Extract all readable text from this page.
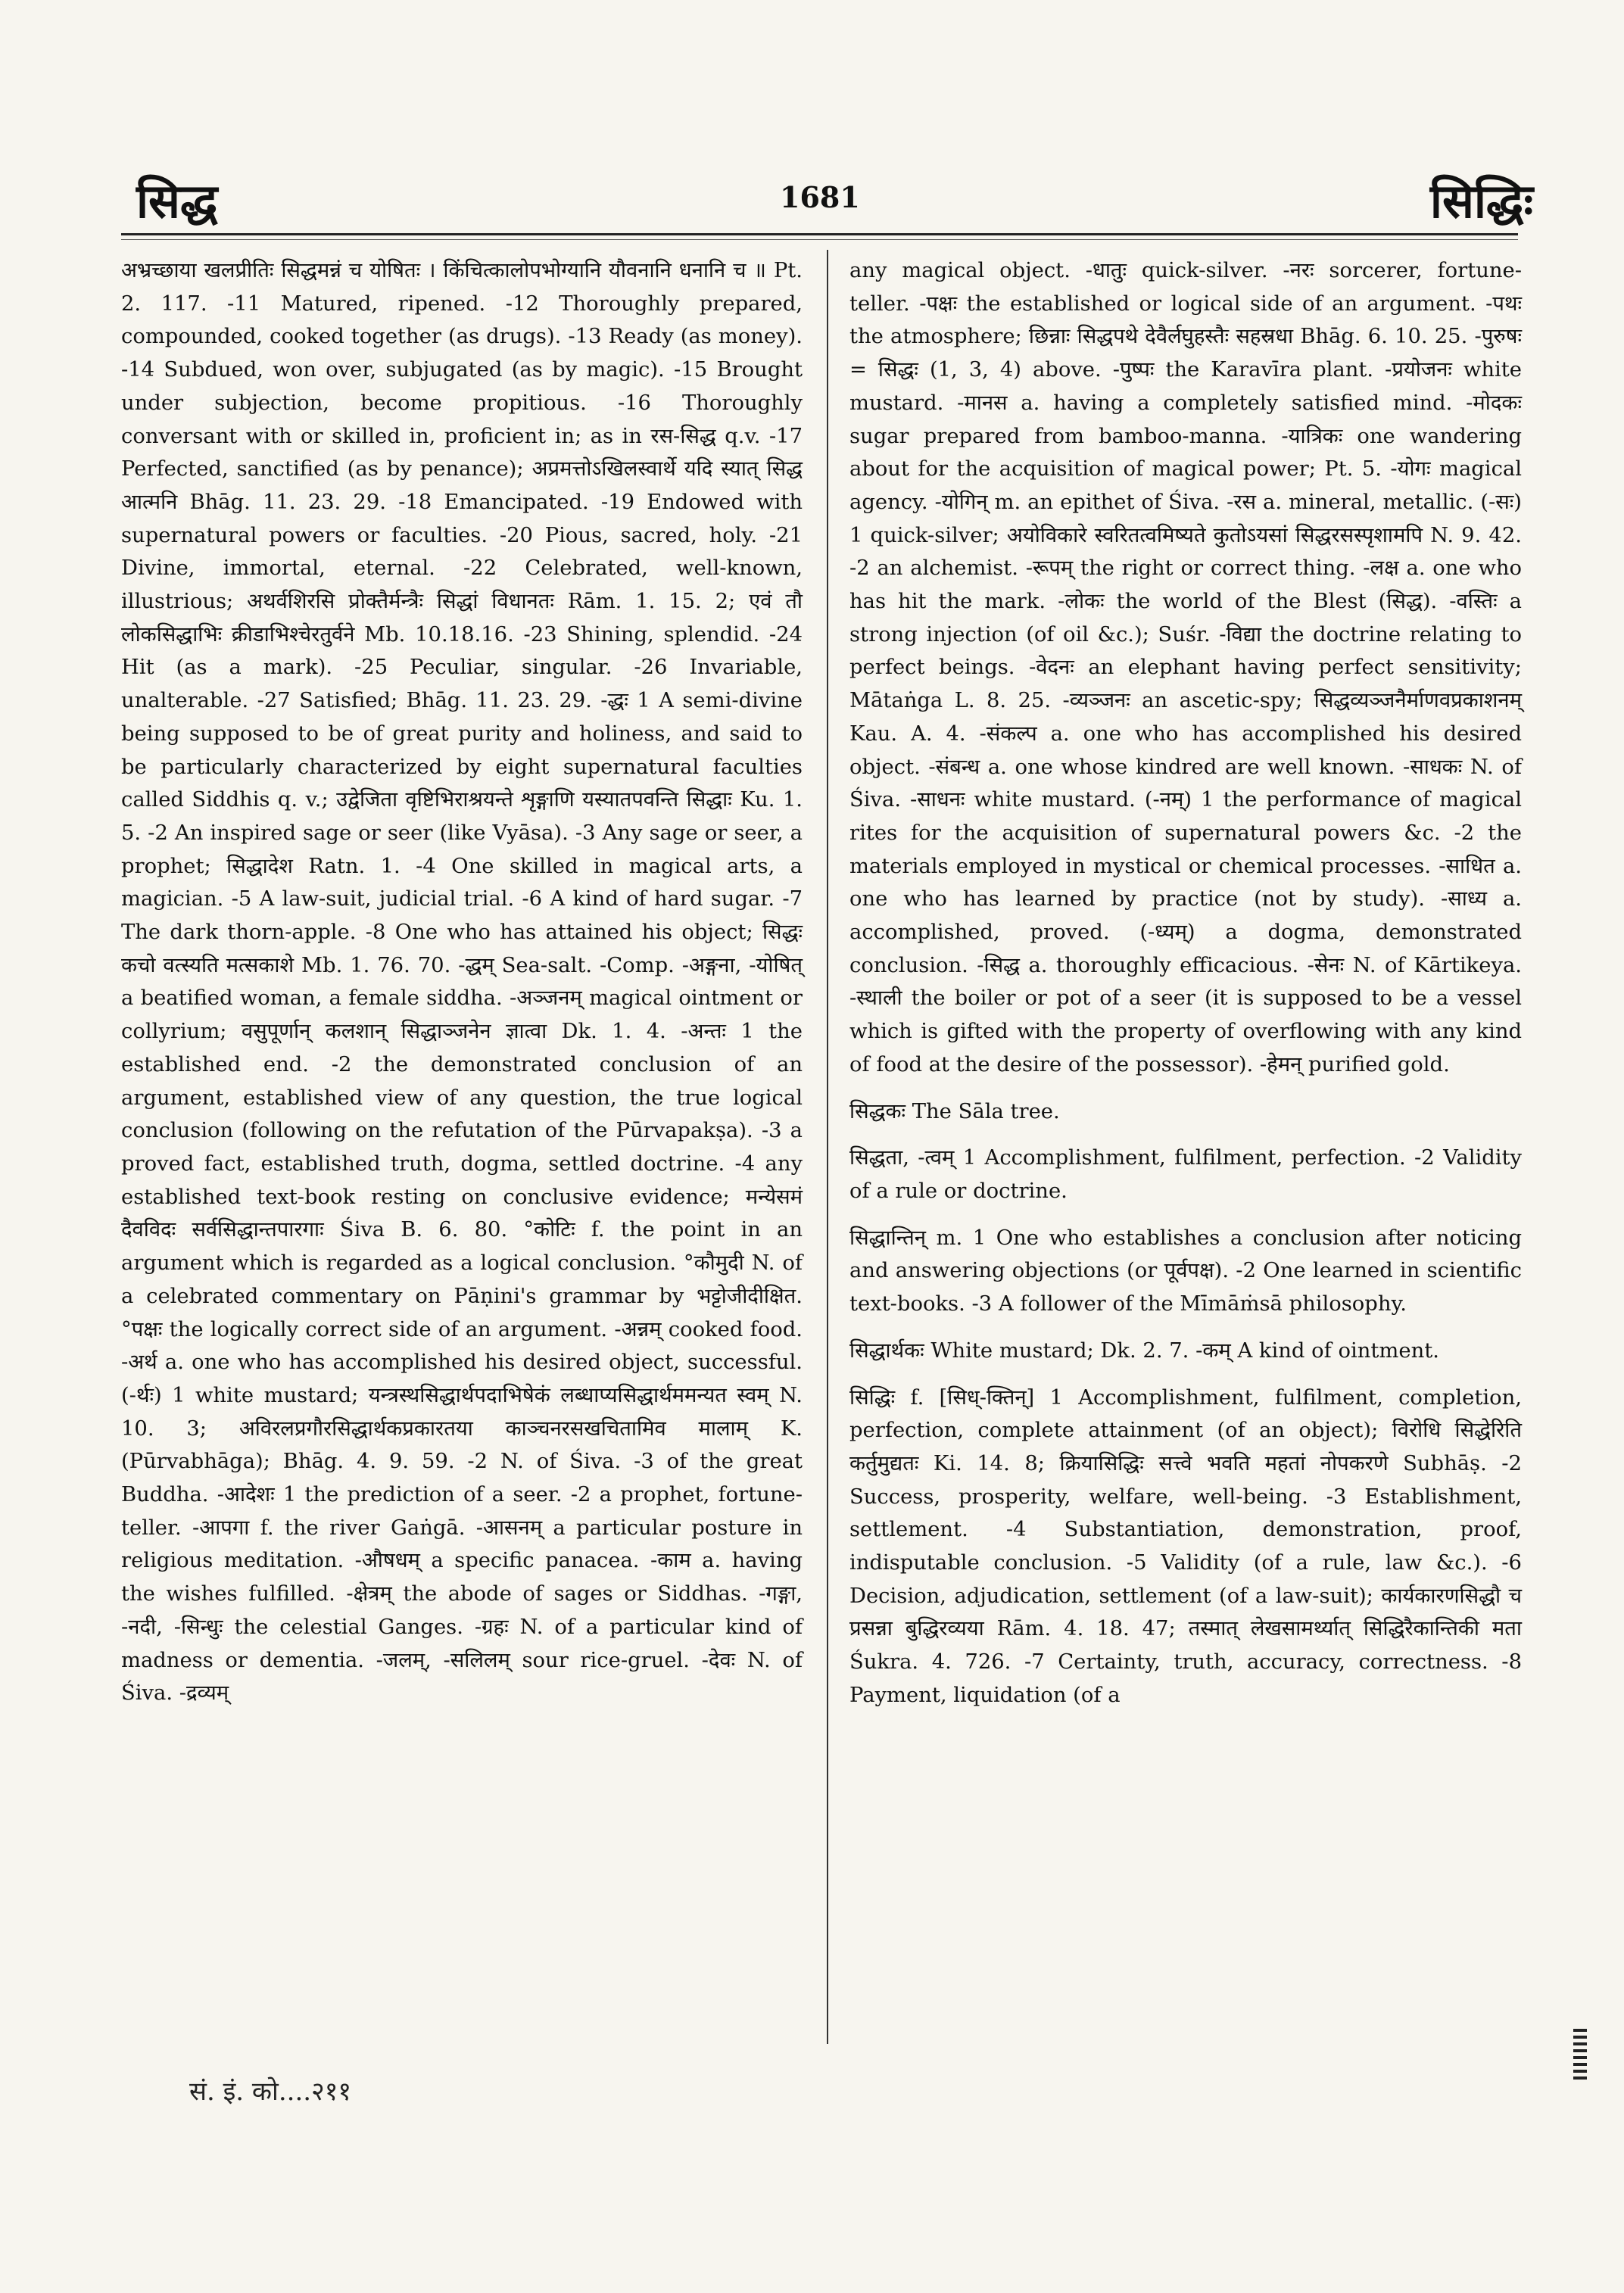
सिद्ध	1681	सिद्धिः

अभ्रच्छाया खलप्रीतिः सिद्धमन्नं च योषितः । किंचित्कालोपभोग्यानि यौवनानि धनानि च ॥ Pt. 2. 117. -11 Matured, ripened. -12 Thoroughly prepared, compounded, cooked together (as drugs). -13 Ready (as money). -14 Subdued, won over, subjugated (as by magic). -15 Brought under subjection, become propitious. -16 Thoroughly conversant with or skilled in, proficient in; as in रस-सिद्ध q.v. -17 Perfected, sanctified (as by penance); अप्रमत्तोऽखिलस्वार्थे यदि स्यात् सिद्ध आत्मनि Bhāg. 11. 23. 29. -18 Emancipated. -19 Endowed with supernatural powers or faculties. -20 Pious, sacred, holy. -21 Divine, immortal, eternal. -22 Celebrated, well-known, illustrious; अथर्वशिरसि प्रोक्तैर्मन्त्रैः सिद्धां विधानतः Rām. 1. 15. 2; एवं तौ लोकसिद्धाभिः क्रीडाभिश्चेरतुर्वने Mb. 10.18.16. -23 Shining, splendid. -24 Hit (as a mark). -25 Peculiar, singular. -26 Invariable, unalterable. -27 Satisfied; Bhāg. 11. 23. 29. -द्धः 1 A semi-divine being supposed to be of great purity and holiness, and said to be particularly characterized by eight supernatural faculties called Siddhis q. v.; उद्वेजिता वृष्टिभिराश्रयन्ते शृङ्गाणि यस्यातपवन्ति सिद्धाः Ku. 1. 5. -2 An inspired sage or seer (like Vyāsa). -3 Any sage or seer, a prophet; सिद्धादेश Ratn. 1. -4 One skilled in magical arts, a magician. -5 A law-suit, judicial trial. -6 A kind of hard sugar. -7 The dark thorn-apple. -8 One who has attained his object; सिद्धः कचो वत्स्यति मत्सकाशे Mb. 1. 76. 70. -द्धम् Sea-salt. -Comp. -अङ्गना, -योषित् a beatified woman, a female siddha. -अञ्जनम् magical ointment or collyrium; वसुपूर्णान् कलशान् सिद्धाञ्जनेन ज्ञात्वा Dk. 1. 4. -अन्तः 1 the established end. -2 the demonstrated conclusion of an argument, established view of any question, the true logical conclusion (following on the refutation of the Pūrvapakṣa). -3 a proved fact, established truth, dogma, settled doctrine. -4 any established text-book resting on conclusive evidence; मन्येसमं दैवविदः सर्वसिद्धान्तपारगाः Śiva B. 6. 80. °कोटिः f. the point in an argument which is regarded as a logical conclusion. °कौमुदी N. of a celebrated commentary on Pāṇini's grammar by भट्टोजीदीक्षित. °पक्षः the logically correct side of an argument. -अन्नम् cooked food. -अर्थ a. one who has accomplished his desired object, successful. (-र्थः) 1 white mustard; यन्त्रस्थसिद्धार्थपदाभिषेकं लब्धाप्यसिद्धार्थममन्यत स्वम् N. 10. 3; अविरलप्रगौरसिद्धार्थकप्रकारतया काञ्चनरसखचितामिव मालाम् K. (Pūrvabhāga); Bhāg. 4. 9. 59. -2 N. of Śiva. -3 of the great Buddha. -आदेशः 1 the prediction of a seer. -2 a prophet, fortune-teller. -आपगा f. the river Gaṅgā. -आसनम् a particular posture in religious meditation. -औषधम् a specific panacea. -काम a. having the wishes fulfilled. -क्षेत्रम् the abode of sages or Siddhas. -गङ्गा, -नदी, -सिन्धुः the celestial Ganges. -ग्रहः N. of a particular kind of madness or dementia. -जलम्, -सलिलम् sour rice-gruel. -देवः N. of Śiva. -द्रव्यम्

any magical object. -धातुः quick-silver. -नरः sorcerer, fortune-teller. -पक्षः the established or logical side of an argument. -पथः the atmosphere; छिन्नाः सिद्धपथे देवैर्लघुहस्तैः सहस्रधा Bhāg. 6. 10. 25. -पुरुषः = सिद्धः (1, 3, 4) above. -पुष्पः the Karavīra plant. -प्रयोजनः white mustard. -मानस a. having a completely satisfied mind. -मोदकः sugar prepared from bamboo-manna. -यात्रिकः one wandering about for the acquisition of magical power; Pt. 5. -योगः magical agency. -योगिन् m. an epithet of Śiva. -रस a. mineral, metallic. (-सः) 1 quick-silver; अयोविकारे स्वरितत्वमिष्यते कुतोऽयसां सिद्धरसस्पृशामपि N. 9. 42. -2 an alchemist. -रूपम् the right or correct thing. -लक्ष a. one who has hit the mark. -लोकः the world of the Blest (सिद्ध). -वस्तिः a strong injection (of oil &c.); Suśr. -विद्या the doctrine relating to perfect beings. -वेदनः an elephant having perfect sensitivity; Mātaṅga L. 8. 25. -व्यञ्जनः an ascetic-spy; सिद्धव्यञ्जनैर्माणवप्रकाशनम् Kau. A. 4. -संकल्प a. one who has accomplished his desired object. -संबन्ध a. one whose kindred are well known. -साधकः N. of Śiva. -साधनः white mustard. (-नम्) 1 the performance of magical rites for the acquisition of supernatural powers &c. -2 the materials employed in mystical or chemical processes. -साधित a. one who has learned by practice (not by study). -साध्य a. accomplished, proved. (-ध्यम्) a dogma, demonstrated conclusion. -सिद्ध a. thoroughly efficacious. -सेनः N. of Kārtikeya. -स्थाली the boiler or pot of a seer (it is supposed to be a vessel which is gifted with the property of overflowing with any kind of food at the desire of the possessor). -हेमन् purified gold.

सिद्धकः The Sāla tree.

सिद्धता, -त्वम् 1 Accomplishment, fulfilment, perfection. -2 Validity of a rule or doctrine.

सिद्धान्तिन् m. 1 One who establishes a conclusion after noticing and answering objections (or पूर्वपक्ष). -2 One learned in scientific text-books. -3 A follower of the Mīmāṁsā philosophy.

सिद्धार्थकः White mustard; Dk. 2. 7. -कम् A kind of ointment.

सिद्धिः f. [सिध्-क्तिन्] 1 Accomplishment, fulfilment, completion, perfection, complete attainment (of an object); विरोधि सिद्धेरिति कर्तुमुद्यतः Ki. 14. 8; क्रियासिद्धिः सत्त्वे भवति महतां नोपकरणे Subhāṣ. -2 Success, prosperity, welfare, well-being. -3 Establishment, settlement. -4 Substantiation, demonstration, proof, indisputable conclusion. -5 Validity (of a rule, law &c.). -6 Decision, adjudication, settlement (of a law-suit); कार्यकारणसिद्धौ च प्रसन्ना बुद्धिरव्यया Rām. 4. 18. 47; तस्मात् लेखसामर्थ्यात् सिद्धिरैकान्तिकी मता Śukra. 4. 726. -7 Certainty, truth, accuracy, correctness. -8 Payment, liquidation (of a

सं. इं. को....२११
